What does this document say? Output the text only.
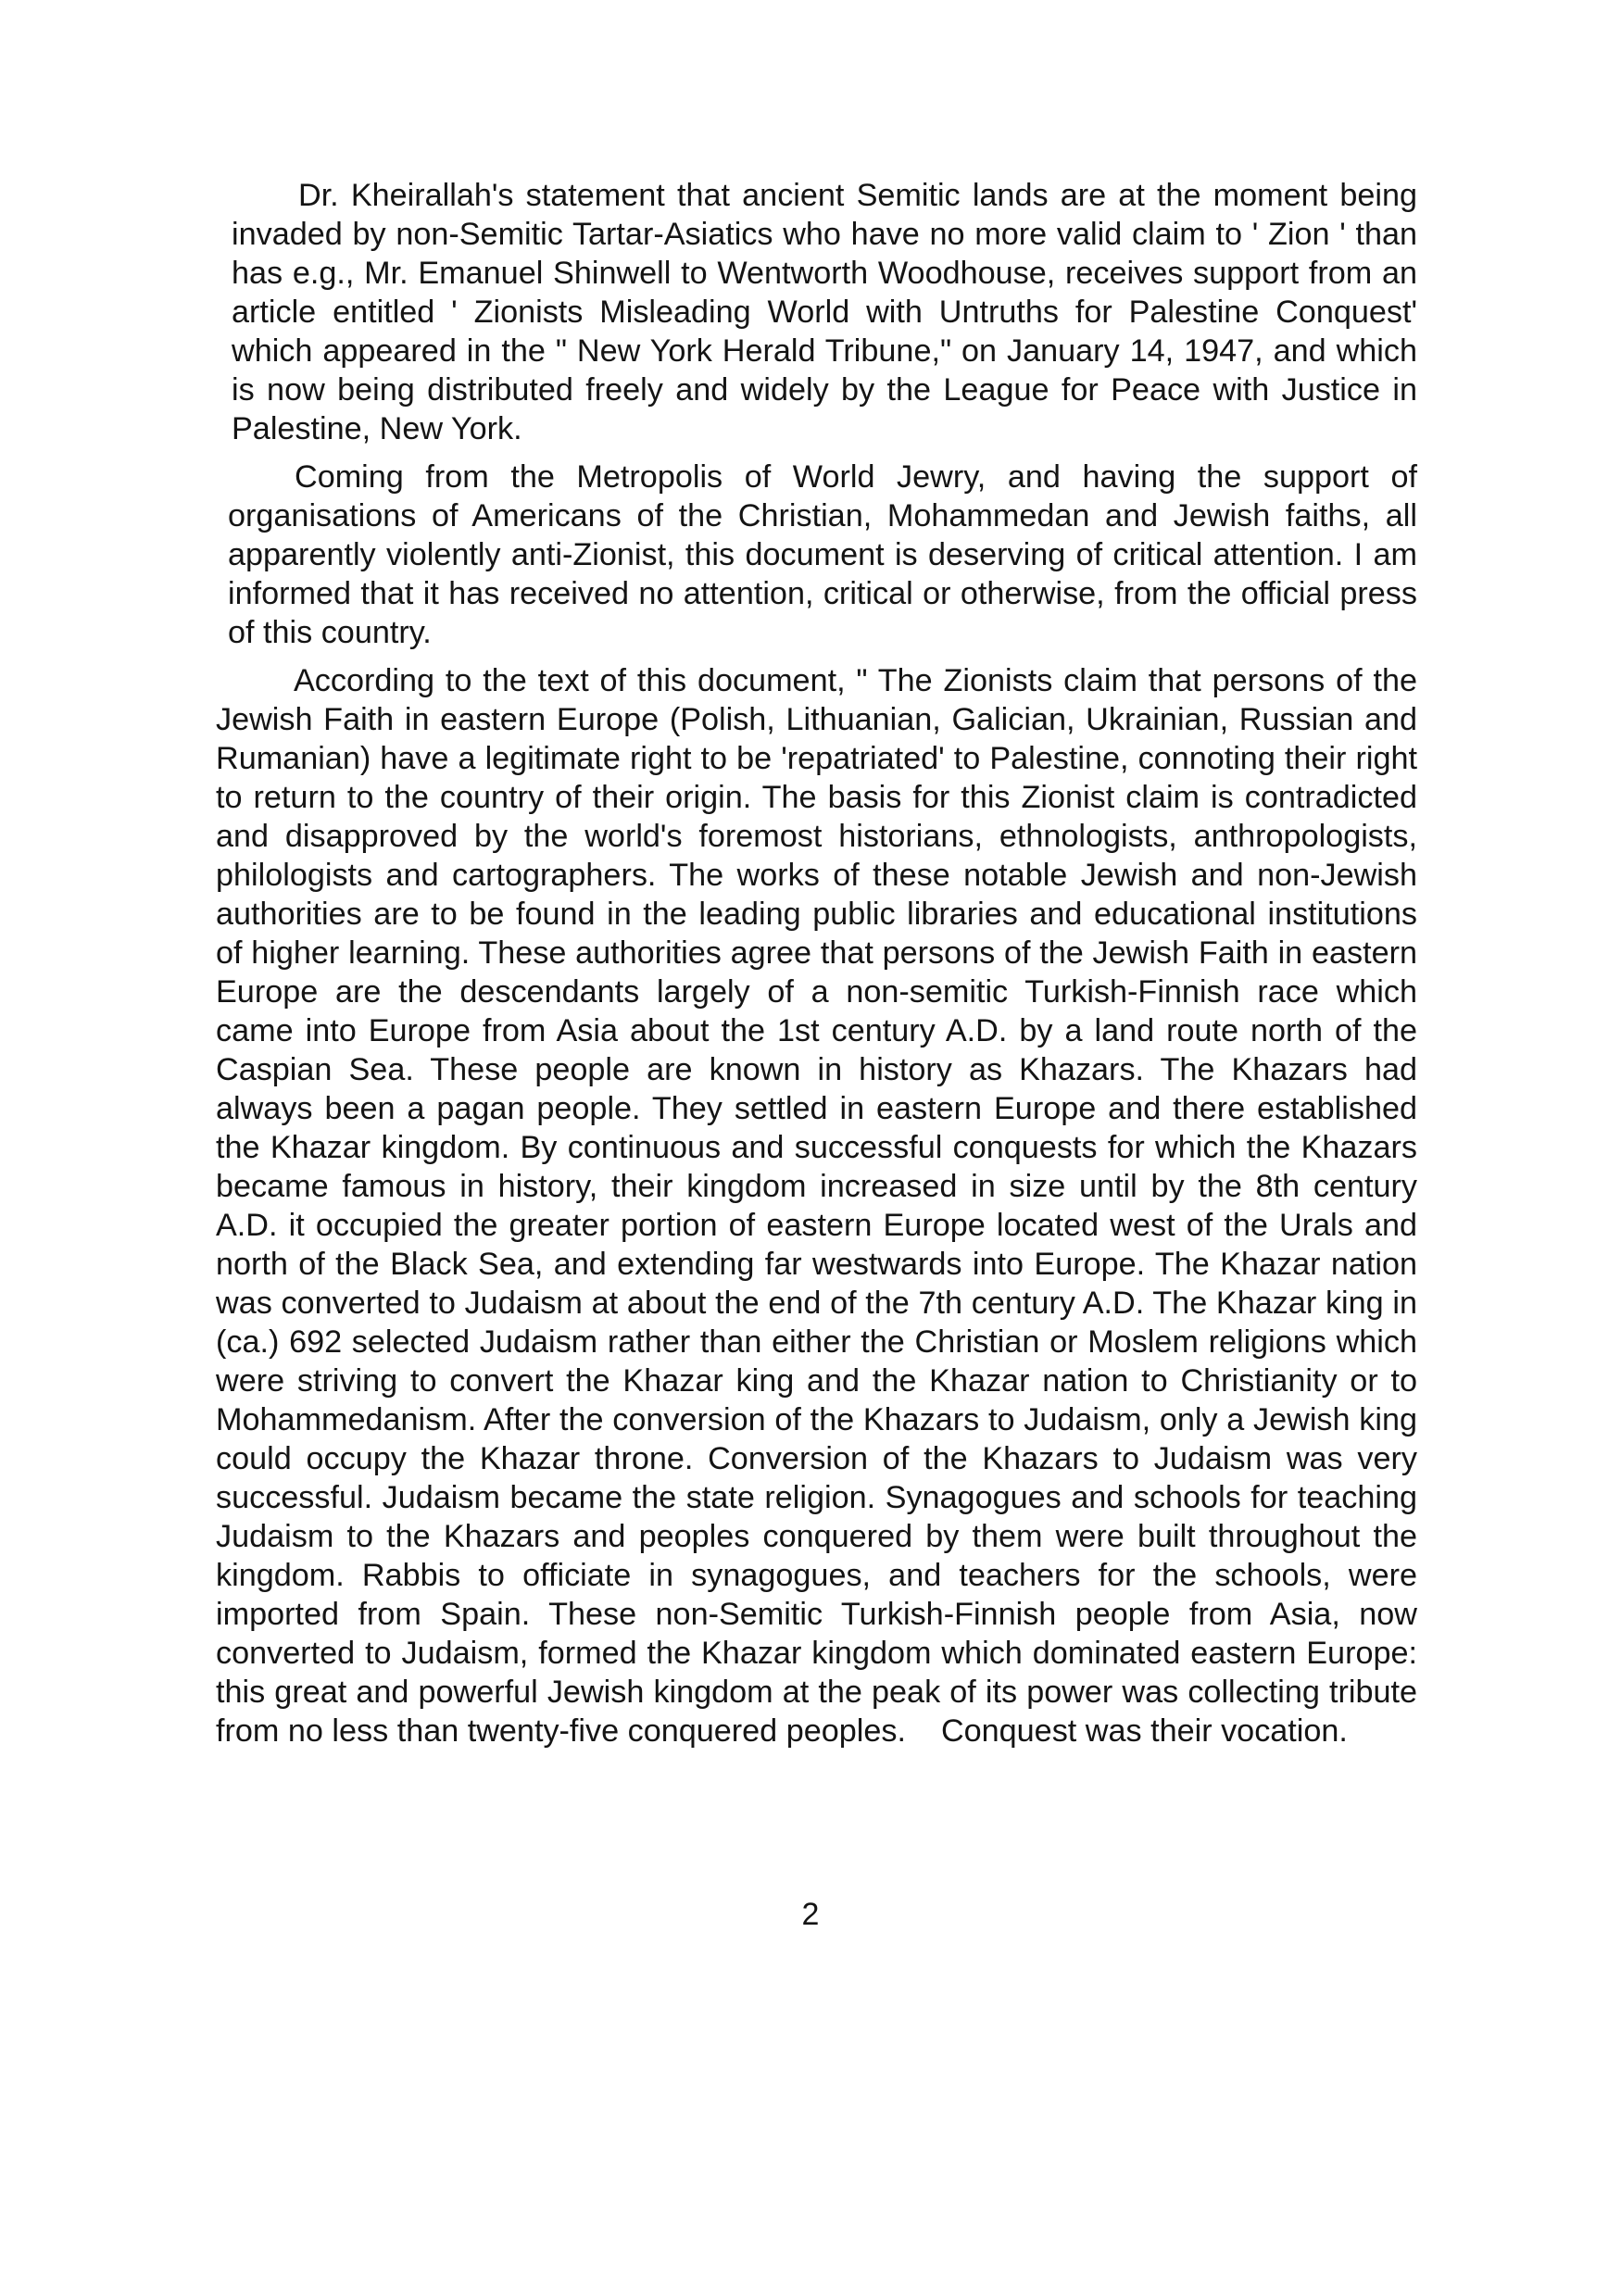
Dr. Kheirallah's statement that ancient Semitic lands are at the moment being invaded by non-Semitic Tartar-Asiatics who have no more valid claim to ' Zion ' than has e.g., Mr. Emanuel Shinwell to Wentworth Woodhouse, receives support from an article entitled ' Zionists Misleading World with Untruths for Palestine Conquest' which appeared in the " New York Herald Tribune," on January 14, 1947, and which is now being distributed freely and widely by the League for Peace with Justice in Palestine, New York.

Coming from the Metropolis of World Jewry, and having the support of organisations of Americans of the Christian, Mohammedan and Jewish faiths, all apparently violently anti-Zionist, this document is deserving of critical attention. I am informed that it has received no attention, critical or otherwise, from the official press of this country.

According to the text of this document, " The Zionists claim that persons of the Jewish Faith in eastern Europe (Polish, Lithuanian, Galician, Ukrainian, Russian and Rumanian) have a legitimate right to be 'repatriated' to Palestine, connoting their right to return to the country of their origin. The basis for this Zionist claim is contradicted and disapproved by the world's foremost historians, ethnologists, anthropologists, philologists and cartographers. The works of these notable Jewish and non-Jewish authorities are to be found in the leading public libraries and educational institutions of higher learning. These authorities agree that persons of the Jewish Faith in eastern Europe are the descendants largely of a non-semitic Turkish-Finnish race which came into Europe from Asia about the 1st century A.D. by a land route north of the Caspian Sea. These people are known in history as Khazars. The Khazars had always been a pagan people. They settled in eastern Europe and there established the Khazar kingdom. By continuous and successful conquests for which the Khazars became famous in history, their kingdom increased in size until by the 8th century A.D. it occupied the greater portion of eastern Europe located west of the Urals and north of the Black Sea, and extending far westwards into Europe. The Khazar nation was converted to Judaism at about the end of the 7th century A.D. The Khazar king in (ca.) 692 selected Judaism rather than either the Christian or Moslem religions which were striving to convert the Khazar king and the Khazar nation to Christianity or to Mohammedanism. After the conversion of the Khazars to Judaism, only a Jewish king could occupy the Khazar throne. Conversion of the Khazars to Judaism was very successful. Judaism became the state religion. Synagogues and schools for teaching Judaism to the Khazars and peoples conquered by them were built throughout the kingdom. Rabbis to officiate in synagogues, and teachers for the schools, were imported from Spain. These non-Semitic Turkish-Finnish people from Asia, now converted to Judaism, formed the Khazar kingdom which dominated eastern Europe: this great and powerful Jewish kingdom at the peak of its power was collecting tribute from no less than twenty-five conquered peoples.    Conquest was their vocation.

2
